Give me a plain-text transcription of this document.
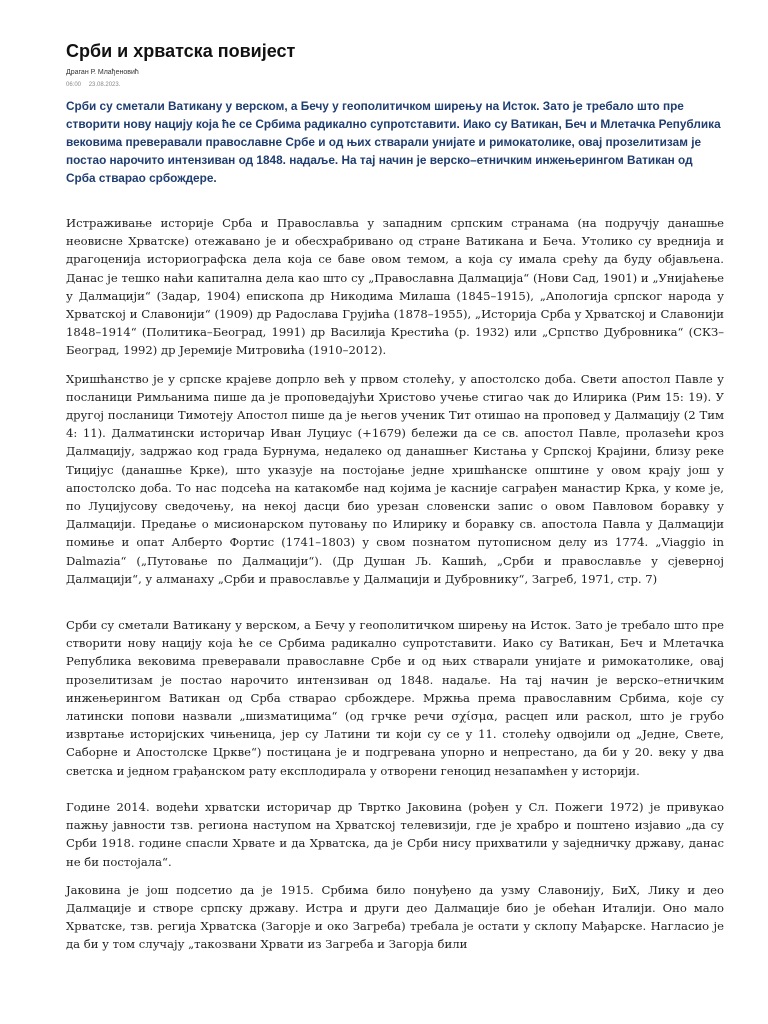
Срби и хрватска повиjест
Драган Р. Млађеновић
06:00 23.08.2023.
Срби су сметали Ватикану у верском, а Бечу у геополитичком ширењу на Исток. Зато је требало што пре створити нову нацију која ће се Србима радикално супротставити. Иако су Ватикан, Беч и Млетачка Република вековима преверавали православне Србе и од њих стварали унијате и римокатолике, овај прозелитизам је постао нарочито интензиван од 1848. надаље. На тај начин је верско–етничким инжењерингом Ватикан од Срба стварао србождере.

Истраживање историје Срба и Православља у западним српским странама (на подручју данашње неовисне Хрватске) отежавано је и обесхрабривано од стране Ватикана и Беча. Утолико су вреднија и драгоценија историографска дела која се баве овом темом, а која су имала срећу да буду објављена. Данас је тешко наћи капитална дела као што су „Православна Далмација“ (Нови Сад, 1901) и „Унијаћење у Далмацији“ (Задар, 1904) епископа др Никодима Милаша (1845–1915), „Апологија српског народа у Хрватској и Славонији“ (1909) др Радослава Грујића (1878–1955), „Историја Срба у Хрватској и Славонији 1848–1914“ (Политика–Београд, 1991) др Василија Крестића (р. 1932) или „Српство Дубровника“ (СКЗ–Београд, 1992) др Јеремије Митровића (1910–2012).

Хришћанство је у српске крајеве допрло већ у првом столећу, у апостолско доба. Свети апостол Павле у посланици Римљанима пише да је проповедајући Христово учење стигао чак до Илирика (Рим 15: 19). У другој посланици Тимотеју Апостол пише да је његов ученик Тит отишао на проповед у Далмацију (2 Тим 4: 11). Далматински историчар Иван Луциус (+1679) бележи да се св. апостол Павле, пролазећи кроз Далмацију, задржао код града Бурнума, недалеко од данашњег Кистања у Српској Крајини, близу реке Тицијус (данашње Крке), што указује на постојање једне хришћанске општине у овом крају још у апостолско доба. То нас подсећа на катакомбе над којима је касније саграђен манастир Крка, у коме је, по Луцијусову сведочењу, на некој дасци био урезан словенски запис о овом Павловом боравку у Далмацији. Предање о мисионарском путовању по Илирику и боравку св. апостола Павла у Далмацији помиње и опат Алберто Фортис (1741–1803) у свом познатом путописном делу из 1774. „Viaggio in Dalmazia“ („Путовање по Далмацији“). (Др Душан Љ. Кашић, „Срби и православље у сјеверној Далмацији“, у алманаху „Срби и православље у Далмацији и Дубровнику“, Загреб, 1971, стр. 7)

Срби су сметали Ватикану у верском, а Бечу у геополитичком ширењу на Исток. Зато је требало што пре створити нову нацију која ће се Србима радикално супротставити. Иако су Ватикан, Беч и Млетачка Република вековима преверавали православне Србе и од њих стварали унијате и римокатолике, овај прозелитизам је постао нарочито интензиван од 1848. надаље. На тај начин је верско–етничким инжењерингом Ватикан од Срба стварао србождере. Мржња према православним Србима, које су латински попови назвали „шизматицима“ (од грчке речи σχίσμα, расцеп или раскол, што је грубо извртање историјских чињеница, јер су Латини ти који су се у 11. столећу одвојили од „Једне, Свете, Саборне и Апостолске Цркве“) постицана је и подгревана упорно и непрестано, да би у 20. веку у два светска и једном грађанском рату експлодирала у отворени геноцид незапамћен у историји.

Године 2014. водећи хрватски историчар др Твртко Јаковина (рођен у Сл. Пожеги 1972) је привукао пажњу јавности тзв. регионa наступом на Хрватској телевизији, где је храбро и поштено изјавио „да су Срби 1918. године спасли Хрвате и да Хрватска, да је Срби нису прихватили у заједничку државу, данас не би постојала“.

Јаковина је још подсетио да је 1915. Србима било понуђено да узму Славонију, БиХ, Лику и део Далмације и створе српску државу. Истра и други део Далмације био је обећан Италији. Оно мало Хрватске, тзв. регија Хрватска (Загорје и око Загреба) требала је остати у склопу Мађарске. Нагласио је да би у том случају „такозвани Хрвати из Загреба и Загорја били
